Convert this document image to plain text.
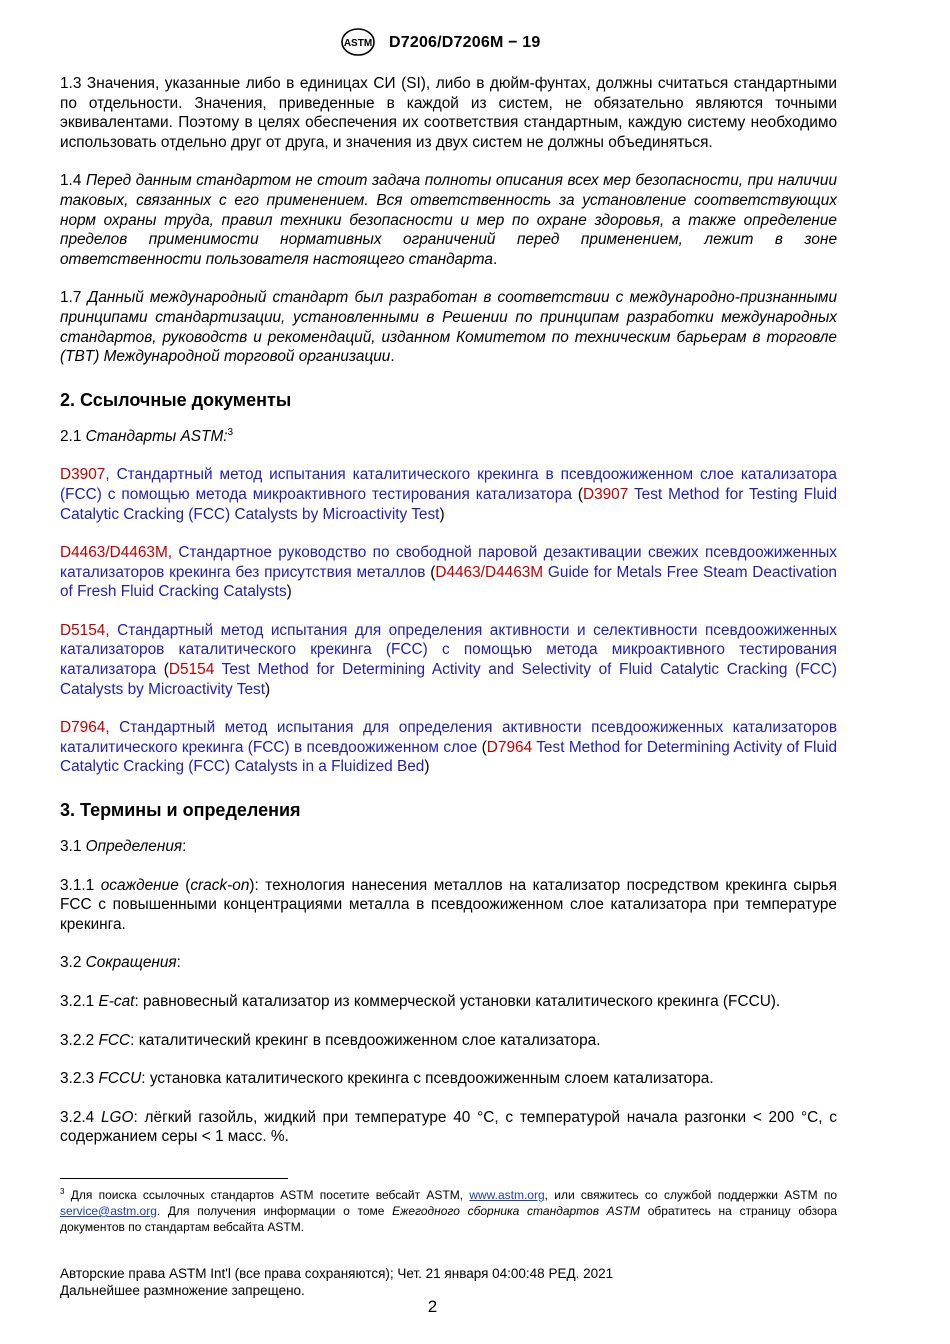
ASTM D7206/D7206M − 19

1.3 Значения, указанные либо в единицах СИ (SI), либо в дюйм-фунтах, должны считаться стандартными по отдельности. Значения, приведенные в каждой из систем, не обязательно являются точными эквивалентами. Поэтому в целях обеспечения их соответствия стандартным, каждую систему необходимо использовать отдельно друг от друга, и значения из двух систем не должны объединяться.

1.4 Перед данным стандартом не стоит задача полноты описания всех мер безопасности, при наличии таковых, связанных с его применением. Вся ответственность за установление соответствующих норм охраны труда, правил техники безопасности и мер по охране здоровья, а также определение пределов применимости нормативных ограничений перед применением, лежит в зоне ответственности пользователя настоящего стандарта.

1.7 Данный международный стандарт был разработан в соответствии с международно-признанными принципами стандартизации, установленными в Решении по принципам разработки международных стандартов, руководств и рекомендаций, изданном Комитетом по техническим барьерам в торговле (TBT) Международной торговой организации.

2. Ссылочные документы

2.1 Стандарты ASTM:$^3$

D3907, Стандартный метод испытания каталитического крекинга в псевдоожиженном слое катализатора (FCC) с помощью метода микроактивного тестирования катализатора (D3907 Test Method for Testing Fluid Catalytic Cracking (FCC) Catalysts by Microactivity Test)

D4463/D4463M, Стандартное руководство по свободной паровой дезактивации свежих псевдоожиженных катализаторов крекинга без присутствия металлов (D4463/D4463M Guide for Metals Free Steam Deactivation of Fresh Fluid Cracking Catalysts)

D5154, Стандартный метод испытания для определения активности и селективности псевдоожиженных катализаторов каталитического крекинга (FCC) с помощью метода микроактивного тестирования катализатора (D5154 Test Method for Determining Activity and Selectivity of Fluid Catalytic Cracking (FCC) Catalysts by Microactivity Test)

D7964, Стандартный метод испытания для определения активности псевдоожиженных катализаторов каталитического крекинга (FCC) в псевдоожиженном слое (D7964 Test Method for Determining Activity of Fluid Catalytic Cracking (FCC) Catalysts in a Fluidized Bed)

3. Термины и определения

3.1 Определения:

3.1.1 осаждение (crack-on): технология нанесения металлов на катализатор посредством крекинга сырья FCC с повышенными концентрациями металла в псевдоожиженном слое катализатора при температуре крекинга.

3.2 Сокращения:

3.2.1 E-cat: равновесный катализатор из коммерческой установки каталитического крекинга (FCCU).

3.2.2 FCC: каталитический крекинг в псевдоожиженном слое катализатора.

3.2.3 FCCU: установка каталитического крекинга с псевдоожиженным слоем катализатора.

3.2.4 LGO: лёгкий газойль, жидкий при температуре 40 °C, с температурой начала разгонки < 200 °C, с содержанием серы < 1 масс. %.

$^3$ Для поиска ссылочных стандартов ASTM посетите вебсайт ASTM, www.astm.org, или свяжитесь со службой поддержки ASTM по service@astm.org. Для получения информации о томе Ежегодного сборника стандартов ASTM обратитесь на страницу обзора документов по стандартам вебсайта ASTM.
Авторские права ASTM Int'l (все права сохраняются); Чет. 21 января 04:00:48 РЕД. 2021
Дальнейшее размножение запрещено.
2
